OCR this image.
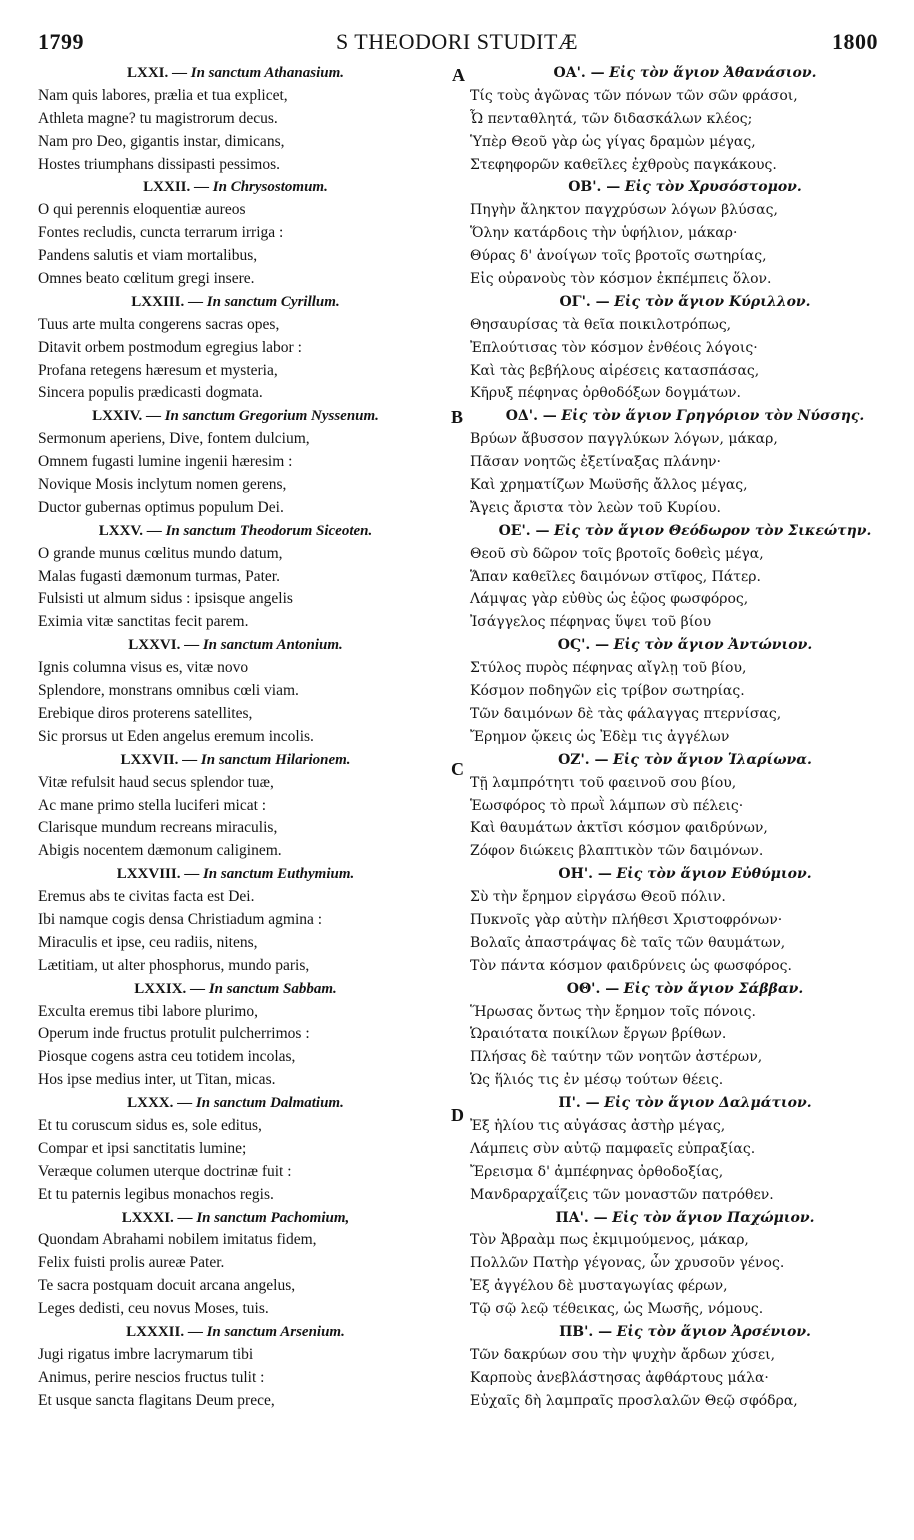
1799	S THEODORI STUDITÆ	1800
A
B
C
D
LXXI. — In sanctum Athanasium.
Nam quis labores, prælia et tua explicet,
Athleta magne? tu magistrorum decus.
Nam pro Deo, gigantis instar, dimicans,
Hostes triumphans dissipasti pessimos.
LXXII. — In Chrysostomum.
O qui perennis eloquentiæ aureos
Fontes recludis, cuncta terrarum irriga :
Pandens salutis et viam mortalibus,
Omnes beato cœlitum gregi insere.
LXXIII. — In sanctum Cyrillum.
Tuus arte multa congerens sacras opes,
Ditavit orbem postmodum egregius labor :
Profana retegens hæresum et mysteria,
Sincera populis prædicasti dogmata.
LXXIV. — In sanctum Gregorium Nyssenum.
Sermonum aperiens, Dive, fontem dulcium,
Omnem fugasti lumine ingenii hæresim :
Novique Mosis inclytum nomen gerens,
Ductor gubernas optimus populum Dei.
LXXV. — In sanctum Theodorum Siceoten.
O grande munus cœlitus mundo datum,
Malas fugasti dæmonum turmas, Pater.
Fulsisti ut almum sidus : ipsisque angelis
Eximia vitæ sanctitas fecit parem.
LXXVI. — In sanctum Antonium.
Ignis columna visus es, vitæ novo
Splendore, monstrans omnibus cœli viam.
Erebique diros proterens satellites,
Sic prorsus ut Eden angelus eremum incolis.
LXXVII. — In sanctum Hilarionem.
Vitæ refulsit haud secus splendor tuæ,
Ac mane primo stella luciferi micat :
Clarisque mundum recreans miraculis,
Abigis nocentem dæmonum caliginem.
LXXVIII. — In sanctum Euthymium.
Eremus abs te civitas facta est Dei.
Ibi namque cogis densa Christiadum agmina :
Miraculis et ipse, ceu radiis, nitens,
Lætitiam, ut alter phosphorus, mundo paris,
LXXIX. — In sanctum Sabbam.
Exculta eremus tibi labore plurimo,
Operum inde fructus protulit pulcherrimos :
Piosque cogens astra ceu totidem incolas,
Hos ipse medius inter, ut Titan, micas.
LXXX. — In sanctum Dalmatium.
Et tu coruscum sidus es, sole editus,
Compar et ipsi sanctitatis lumine;
Veræque columen uterque doctrinæ fuit :
Et tu paternis legibus monachos regis.
LXXXI. — In sanctum Pachomium,
Quondam Abrahami nobilem imitatus fidem,
Felix fuisti prolis aureæ Pater.
Te sacra postquam docuit arcana angelus,
Leges dedisti, ceu novus Moses, tuis.
LXXXII. — In sanctum Arsenium.
Jugi rigatus imbre lacrymarum tibi
Animus, perire nescios fructus tulit :
Et usque sancta flagitans Deum prece,
ΟΑ'. — Εἰς τὸν ἅγιον Ἀθανάσιον.
Τίς τοὺς ἀγῶνας τῶν πόνων τῶν σῶν φράσοι,
Ὦ πενταθλητά, τῶν διδασκάλων κλέος;
Ὑπὲρ Θεοῦ γὰρ ὡς γίγας δραμὼν μέγας,
Στεφηφορῶν καθεῖλες ἐχθροὺς παγκάκους.
ΟΒ'. — Εἰς τὸν Χρυσόστομον.
Πηγὴν ἄληκτον παγχρύσων λόγων βλύσας,
Ὅλην κατάρδοις τὴν ὑφήλιον, μάκαρ·
Θύρας δ' ἀνοίγων τοῖς βροτοῖς σωτηρίας,
Εἰς οὐρανοὺς τὸν κόσμον ἐκπέμπεις ὅλον.
ΟΓ'. — Εἰς τὸν ἅγιον Κύριλλον.
Θησαυρίσας τὰ θεῖα ποικιλοτρόπως,
Ἐπλούτισας τὸν κόσμον ἐνθέοις λόγοις·
Καὶ τὰς βεβήλους αἱρέσεις κατασπάσας,
Κῆρυξ πέφηνας ὀρθοδόξων δογμάτων.
ΟΔ'. — Εἰς τὸν ἅγιον Γρηγόριον τὸν Νύσσης.
Βρύων ἄβυσσον παγγλύκων λόγων, μάκαρ,
Πᾶσαν νοητῶς ἐξετίναξας πλάνην·
Καὶ χρηματίζων Μωϋσῆς ἄλλος μέγας,
Ἄγεις ἄριστα τὸν λεὼν τοῦ Κυρίου.
ΟΕ'. — Εἰς τὸν ἅγιον Θεόδωρον τὸν Σικεώτην.
Θεοῦ σὺ δῶρον τοῖς βροτοῖς δοθεὶς μέγα,
Ἅπαν καθεῖλες δαιμόνων στῖφος, Πάτερ.
Λάμψας γὰρ εὐθὺς ὡς ἑῷος φωσφόρος,
Ἰσάγγελος πέφηνας ὕψει τοῦ βίου
ΟϚ'. — Εἰς τὸν ἅγιον Ἀντώνιον.
Στύλος πυρὸς πέφηνας αἴγλῃ τοῦ βίου,
Κόσμον ποδηγῶν εἰς τρίβον σωτηρίας.
Τῶν δαιμόνων δὲ τὰς φάλαγγας πτερνίσας,
Ἔρημον ᾤκεις ὡς Ἐδὲμ τις ἀγγέλων
ΟΖ'. — Εἰς τὸν ἅγιον Ἱλαρίωνα.
Τῇ λαμπρότητι τοῦ φαεινοῦ σου βίου,
Ἑωσφόρος τὸ πρωῒ λάμπων σὺ πέλεις·
Καὶ θαυμάτων ἀκτῖσι κόσμον φαιδρύνων,
Ζόφον διώκεις βλαπτικὸν τῶν δαιμόνων.
ΟΗ'. — Εἰς τὸν ἅγιον Εὐθύμιον.
Σὺ τὴν ἔρημον εἰργάσω Θεοῦ πόλιν.
Πυκνοῖς γὰρ αὐτὴν πλήθεσι Χριστοφρόνων·
Βολαῖς ἀπαστράψας δὲ ταῖς τῶν θαυμάτων,
Τὸν πάντα κόσμον φαιδρύνεις ὡς φωσφόρος.
ΟΘ'. — Εἰς τὸν ἅγιον Σάββαν.
Ἥρωσας ὄντως τὴν ἔρημον τοῖς πόνοις.
Ὡραιότατα ποικίλων ἔργων βρίθων.
Πλήσας δὲ ταύτην τῶν νοητῶν ἀστέρων,
Ὡς ἥλιός τις ἐν μέσῳ τούτων θέεις.
Π'. — Εἰς τὸν ἅγιον Δαλμάτιον.
Ἐξ ἡλίου τις αὐγάσας ἀστὴρ μέγας,
Λάμπεις σὺν αὐτῷ παμφαεῖς εὐπραξίας.
Ἔρεισμα δ' ἀμπέφηνας ὀρθοδοξίας,
Μανδραρχαΐζεις τῶν μοναστῶν πατρόθεν.
ΠΑ'. — Εἰς τὸν ἅγιον Παχώμιον.
Τὸν Ἀβραὰμ πως ἐκμιμούμενος, μάκαρ,
Πολλῶν Πατὴρ γέγονας, ὧν χρυσοῦν γένος.
Ἐξ ἀγγέλου δὲ μυσταγωγίας φέρων,
Τῷ σῷ λεῷ τέθεικας, ὡς Μωσῆς, νόμους.
ΠΒ'. — Εἰς τὸν ἅγιον Ἀρσένιον.
Τῶν δακρύων σου τὴν ψυχὴν ἄρδων χύσει,
Καρποὺς ἀνεβλάστησας ἀφθάρτους μάλα·
Εὐχαῖς δὴ λαμπραῖς προσλαλῶν Θεῷ σφόδρα,
